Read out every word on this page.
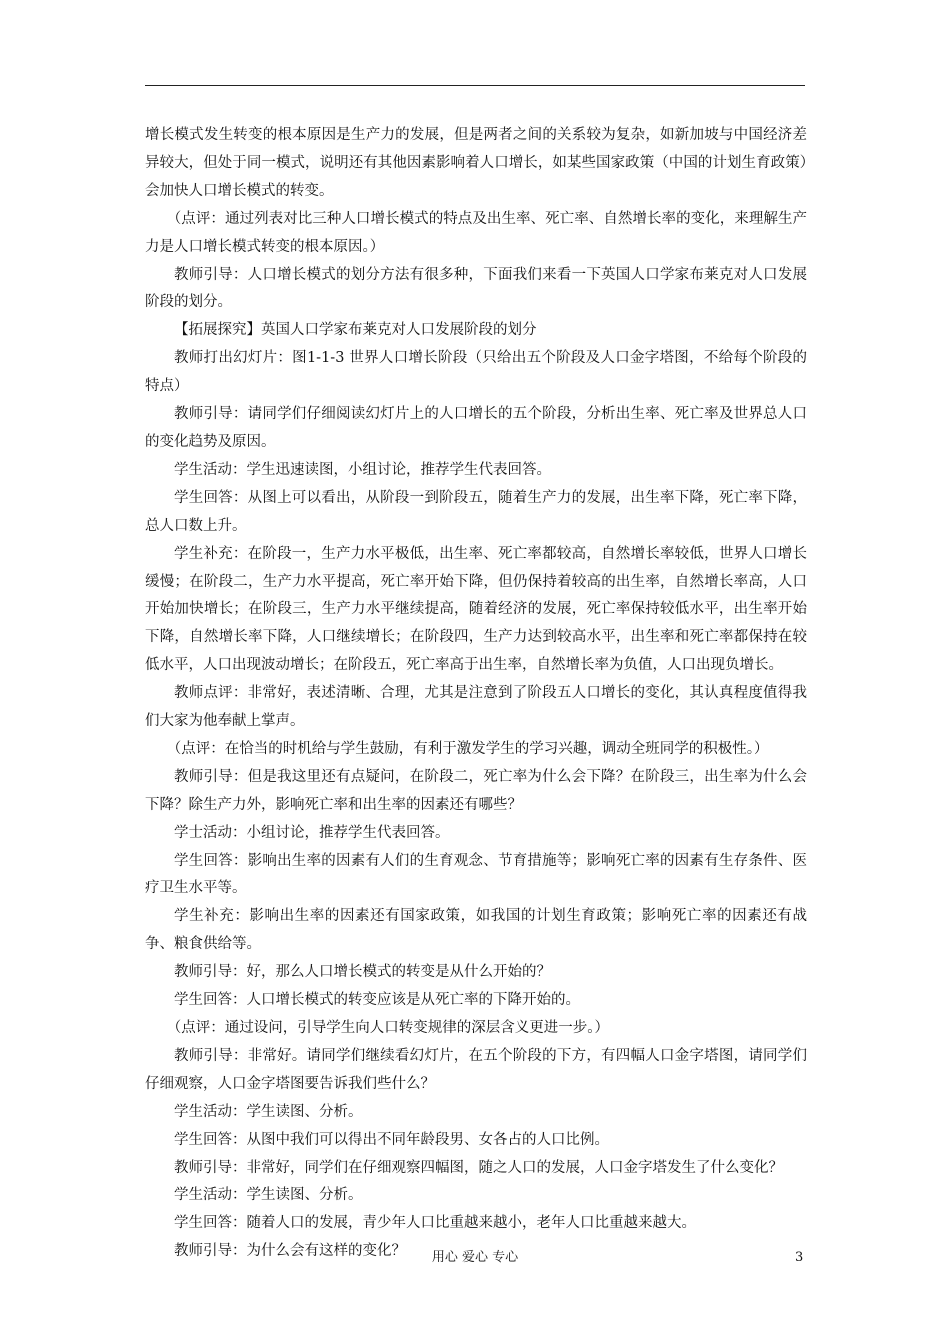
增长模式发生转变的根本原因是生产力的发展，但是两者之间的关系较为复杂，如新加坡与中国经济差异较大，但处于同一模式，说明还有其他因素影响着人口增长，如某些国家政策（中国的计划生育政策）会加快人口增长模式的转变。

（点评：通过列表对比三种人口增长模式的特点及出生率、死亡率、自然增长率的变化，来理解生产力是人口增长模式转变的根本原因。）

教师引导：人口增长模式的划分方法有很多种，下面我们来看一下英国人口学家布莱克对人口发展阶段的划分。

【拓展探究】英国人口学家布莱克对人口发展阶段的划分

教师打出幻灯片：图1-1-3 世界人口增长阶段（只给出五个阶段及人口金字塔图，不给每个阶段的特点）

教师引导：请同学们仔细阅读幻灯片上的人口增长的五个阶段，分析出生率、死亡率及世界总人口的变化趋势及原因。

学生活动：学生迅速读图，小组讨论，推荐学生代表回答。

学生回答：从图上可以看出，从阶段一到阶段五，随着生产力的发展，出生率下降，死亡率下降，总人口数上升。

学生补充：在阶段一，生产力水平极低，出生率、死亡率都较高，自然增长率较低，世界人口增长缓慢；在阶段二，生产力水平提高，死亡率开始下降，但仍保持着较高的出生率，自然增长率高，人口开始加快增长；在阶段三，生产力水平继续提高，随着经济的发展，死亡率保持较低水平，出生率开始下降，自然增长率下降，人口继续增长；在阶段四，生产力达到较高水平，出生率和死亡率都保持在较低水平，人口出现波动增长；在阶段五，死亡率高于出生率，自然增长率为负值，人口出现负增长。

教师点评：非常好，表述清晰、合理，尤其是注意到了阶段五人口增长的变化，其认真程度值得我们大家为他奉献上掌声。

（点评：在恰当的时机给与学生鼓励，有利于激发学生的学习兴趣，调动全班同学的积极性。）

教师引导：但是我这里还有点疑问，在阶段二，死亡率为什么会下降？在阶段三，出生率为什么会下降？除生产力外，影响死亡率和出生率的因素还有哪些？

学士活动：小组讨论，推荐学生代表回答。

学生回答：影响出生率的因素有人们的生育观念、节育措施等；影响死亡率的因素有生存条件、医疗卫生水平等。

学生补充：影响出生率的因素还有国家政策，如我国的计划生育政策；影响死亡率的因素还有战争、粮食供给等。

教师引导：好，那么人口增长模式的转变是从什么开始的？

学生回答：人口增长模式的转变应该是从死亡率的下降开始的。

（点评：通过设问，引导学生向人口转变规律的深层含义更进一步。）

教师引导：非常好。请同学们继续看幻灯片，在五个阶段的下方，有四幅人口金字塔图，请同学们仔细观察，人口金字塔图要告诉我们些什么？

学生活动：学生读图、分析。

学生回答：从图中我们可以得出不同年龄段男、女各占的人口比例。

教师引导：非常好，同学们在仔细观察四幅图，随之人口的发展，人口金字塔发生了什么变化？

学生活动：学生读图、分析。

学生回答：随着人口的发展，青少年人口比重越来越小，老年人口比重越来越大。

教师引导：为什么会有这样的变化？	用心 爱心 专心	3
